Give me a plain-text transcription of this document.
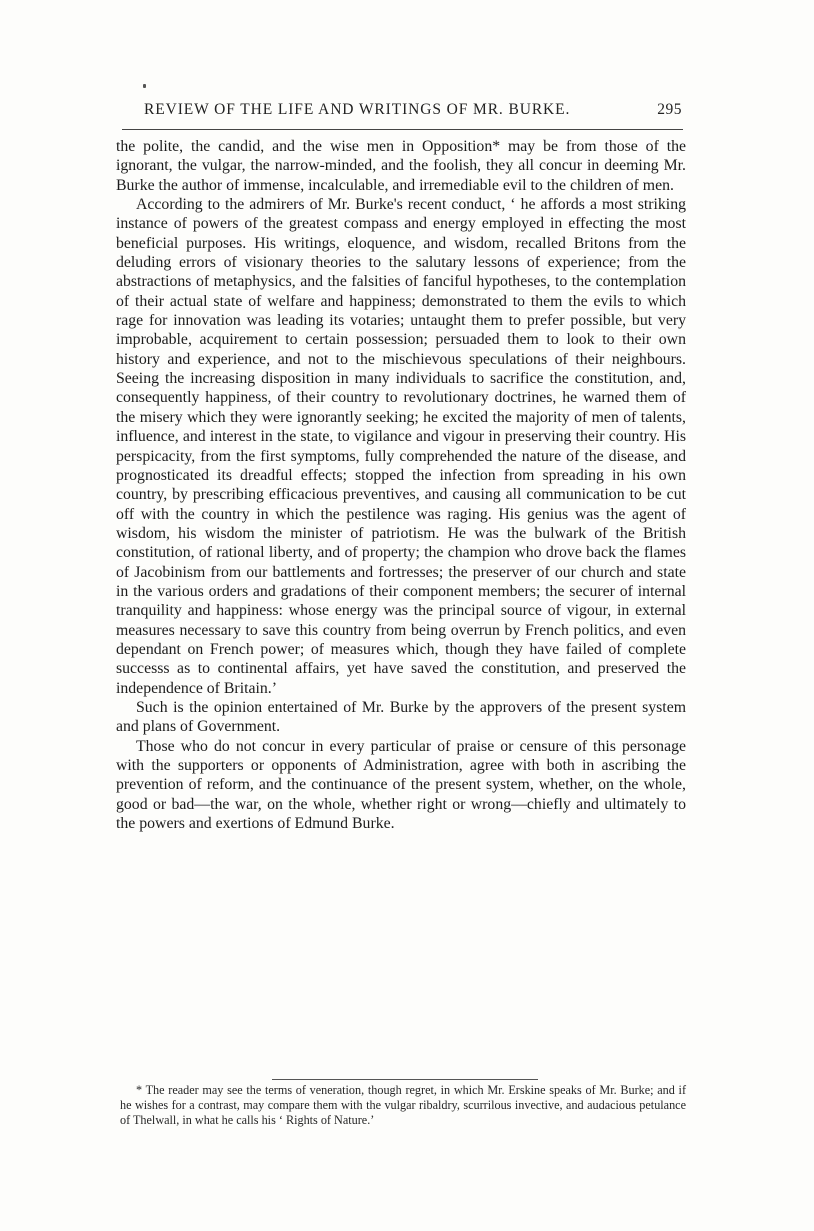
REVIEW OF THE LIFE AND WRITINGS OF MR. BURKE.	295

the polite, the candid, and the wise men in Opposition* may be from those of the ignorant, the vulgar, the narrow-minded, and the foolish, they all concur in deeming Mr. Burke the author of immense, incalculable, and irremediable evil to the children of men.

According to the admirers of Mr. Burke's recent conduct, ‘ he affords a most striking instance of powers of the greatest compass and energy employed in effecting the most beneficial purposes. His writings, eloquence, and wisdom, recalled Britons from the deluding errors of visionary theories to the salutary lessons of experience; from the abstractions of metaphysics, and the falsities of fanciful hypotheses, to the contemplation of their actual state of welfare and happiness; demonstrated to them the evils to which rage for innovation was leading its votaries; untaught them to prefer possible, but very improbable, acquirement to certain possession; persuaded them to look to their own history and experience, and not to the mischievous speculations of their neighbours. Seeing the increasing disposition in many individuals to sacrifice the constitution, and, consequently happiness, of their country to revolutionary doctrines, he warned them of the misery which they were ignorantly seeking; he excited the majority of men of talents, influence, and interest in the state, to vigilance and vigour in preserving their country. His perspicacity, from the first symptoms, fully comprehended the nature of the disease, and prognosticated its dreadful effects; stopped the infection from spreading in his own country, by prescribing efficacious preventives, and causing all communication to be cut off with the country in which the pestilence was raging. His genius was the agent of wisdom, his wisdom the minister of patriotism. He was the bulwark of the British constitution, of rational liberty, and of property; the champion who drove back the flames of Jacobinism from our battlements and fortresses; the preserver of our church and state in the various orders and gradations of their component members; the securer of internal tranquility and happiness: whose energy was the principal source of vigour, in external measures necessary to save this country from being overrun by French politics, and even dependant on French power; of measures which, though they have failed of complete successs as to continental affairs, yet have saved the constitution, and preserved the independence of Britain.’

Such is the opinion entertained of Mr. Burke by the approvers of the present system and plans of Government.

Those who do not concur in every particular of praise or censure of this personage with the supporters or opponents of Administration, agree with both in ascribing the prevention of reform, and the continuance of the present system, whether, on the whole, good or bad—the war, on the whole, whether right or wrong—chiefly and ultimately to the powers and exertions of Edmund Burke.

* The reader may see the terms of veneration, though regret, in which Mr. Erskine speaks of Mr. Burke; and if he wishes for a contrast, may compare them with the vulgar ribaldry, scurrilous invective, and audacious petulance of Thelwall, in what he calls his ‘ Rights of Nature.’
